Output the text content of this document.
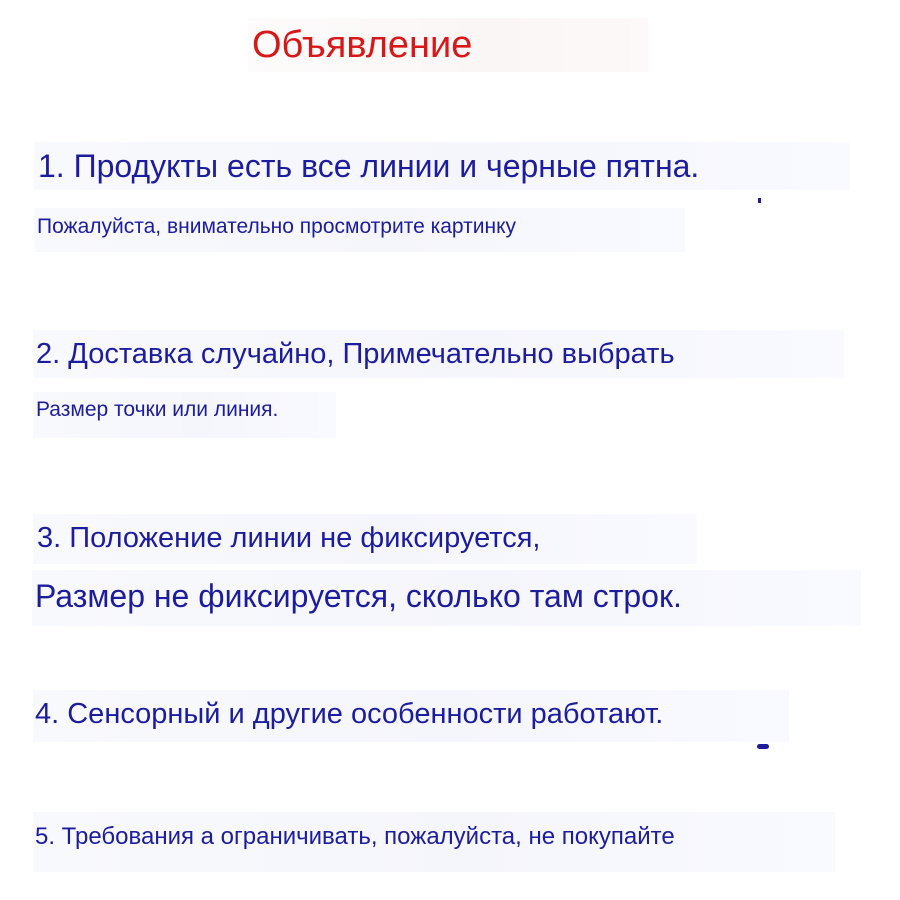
Объявление
1. Продукты есть все линии и черные пятна.
Пожалуйста, внимательно просмотрите картинку
2. Доставка случайно, Примечательно выбрать
Размер точки или линия.
3. Положение линии не фиксируется,
Размер не фиксируется, сколько там строк.
4. Сенсорный и другие особенности работают.
5. Требования а ограничивать, пожалуйста, не покупайте
